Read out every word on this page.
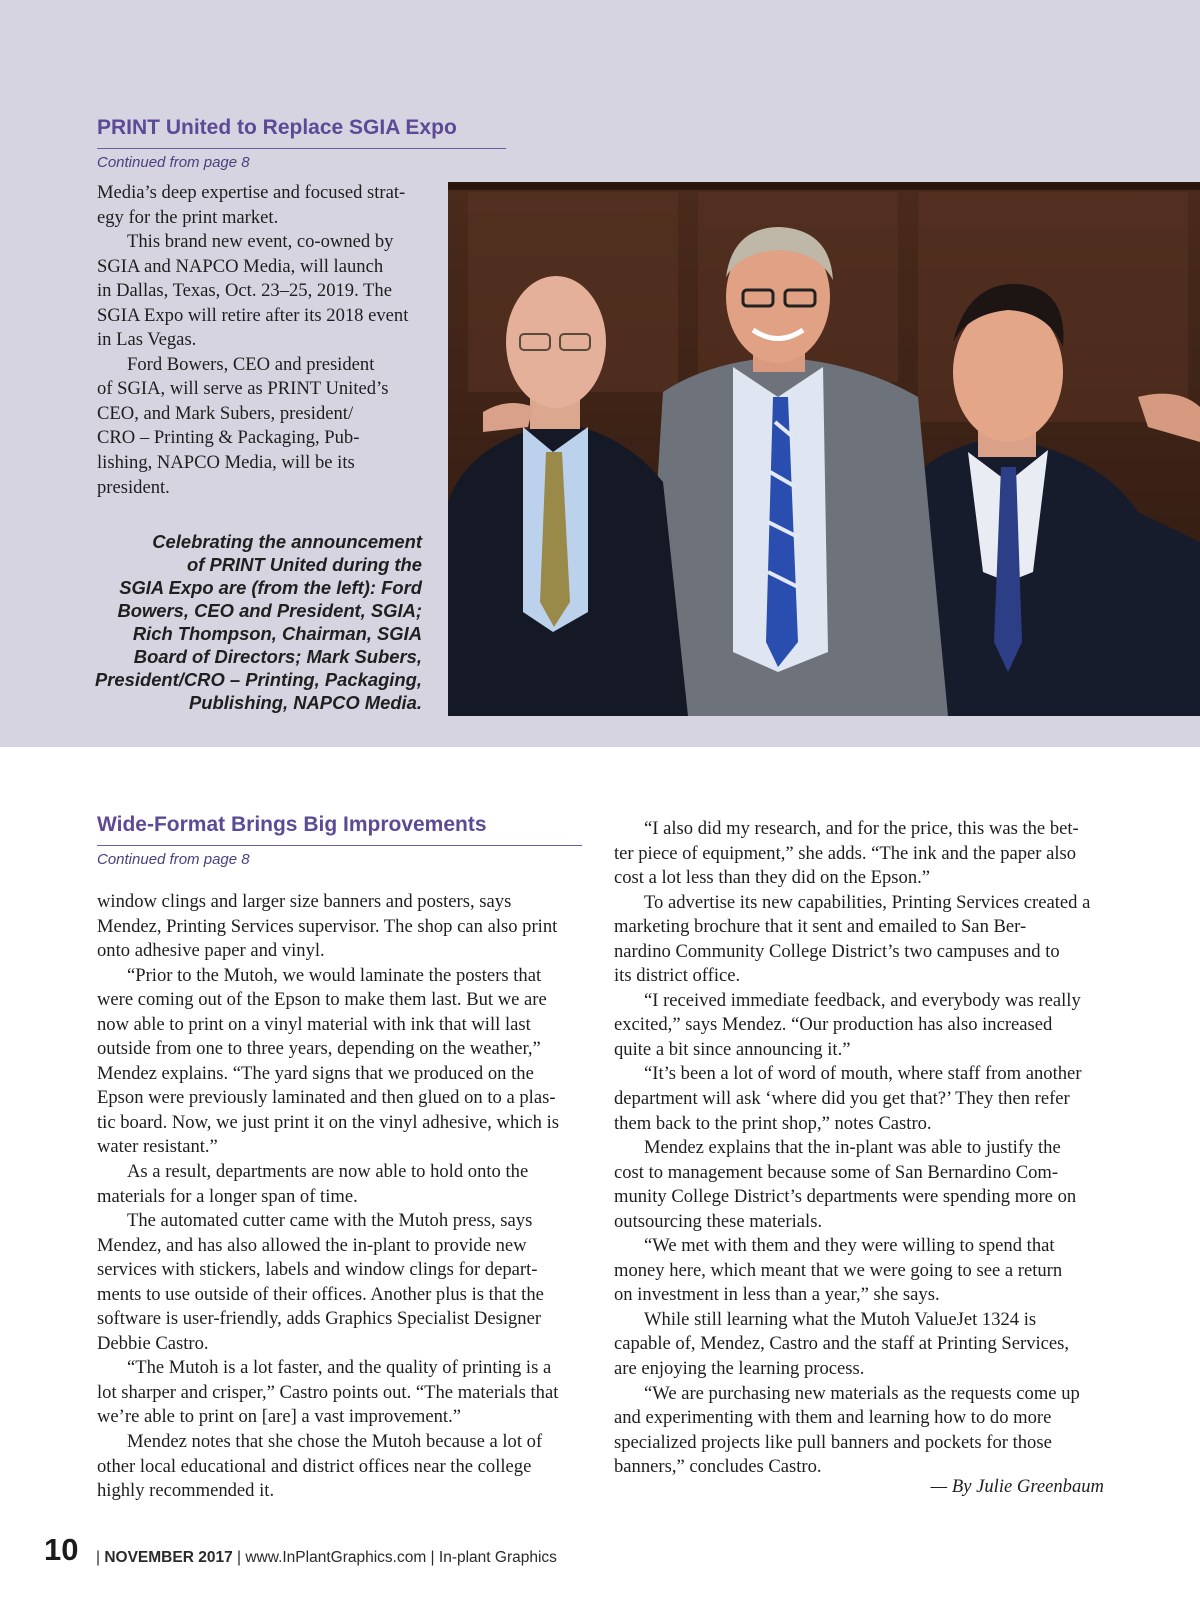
PRINT United to Replace SGIA Expo
Continued from page 8

Media’s deep expertise and focused strat-

egy for the print market.

This brand new event, co-owned by

SGIA and NAPCO Media, will launch

in Dallas, Texas, Oct. 23–25, 2019. The

SGIA Expo will retire after its 2018 event

in Las Vegas.

Ford Bowers, CEO and president

of SGIA, will serve as PRINT United’s

CEO, and Mark Subers, president/

CRO – Printing & Packaging, Pub-

lishing, NAPCO Media, will be its

president.

Celebrating the announcement
of PRINT United during the
SGIA Expo are (from the left): Ford
Bowers, CEO and President, SGIA;
Rich Thompson, Chairman, SGIA
Board of Directors; Mark Subers,
President/CRO – Printing, Packaging,
Publishing, NAPCO Media.
Wide-Format Brings Big Improvements
Continued from page 8

window clings and larger size banners and posters, says

Mendez, Printing Services supervisor. The shop can also print

onto adhesive paper and vinyl.

“Prior to the Mutoh, we would laminate the posters that

were coming out of the Epson to make them last. But we are

now able to print on a vinyl material with ink that will last

outside from one to three years, depending on the weather,”

Mendez explains. “The yard signs that we produced on the

Epson were previously laminated and then glued on to a plas-

tic board. Now, we just print it on the vinyl adhesive, which is

water resistant.”

As a result, departments are now able to hold onto the

materials for a longer span of time.

The automated cutter came with the Mutoh press, says

Mendez, and has also allowed the in-plant to provide new

services with stickers, labels and window clings for depart-

ments to use outside of their offices. Another plus is that the

software is user-friendly, adds Graphics Specialist Designer

Debbie Castro.

“The Mutoh is a lot faster, and the quality of printing is a

lot sharper and crisper,” Castro points out. “The materials that

we’re able to print on [are] a vast improvement.”

Mendez notes that she chose the Mutoh because a lot of

other local educational and district offices near the college

highly recommended it.

“I also did my research, and for the price, this was the bet-

ter piece of equipment,” she adds. “The ink and the paper also

cost a lot less than they did on the Epson.”

To advertise its new capabilities, Printing Services created a

marketing brochure that it sent and emailed to San Ber-

nardino Community College District’s two campuses and to

its district office.

“I received immediate feedback, and everybody was really

excited,” says Mendez. “Our production has also increased

quite a bit since announcing it.”

“It’s been a lot of word of mouth, where staff from another

department will ask ‘where did you get that?’ They then refer

them back to the print shop,” notes Castro.

Mendez explains that the in-plant was able to justify the

cost to management because some of San Bernardino Com-

munity College District’s departments were spending more on

outsourcing these materials.

“We met with them and they were willing to spend that

money here, which meant that we were going to see a return

on investment in less than a year,” she says.

While still learning what the Mutoh ValueJet 1324 is

capable of, Mendez, Castro and the staff at Printing Services,

are enjoying the learning process.

“We are purchasing new materials as the requests come up

and experimenting with them and learning how to do more

specialized projects like pull banners and pockets for those

banners,” concludes Castro.

— By Julie Greenbaum
10 | NOVEMBER 2017 | www.InPlantGraphics.com | In-plant Graphics
